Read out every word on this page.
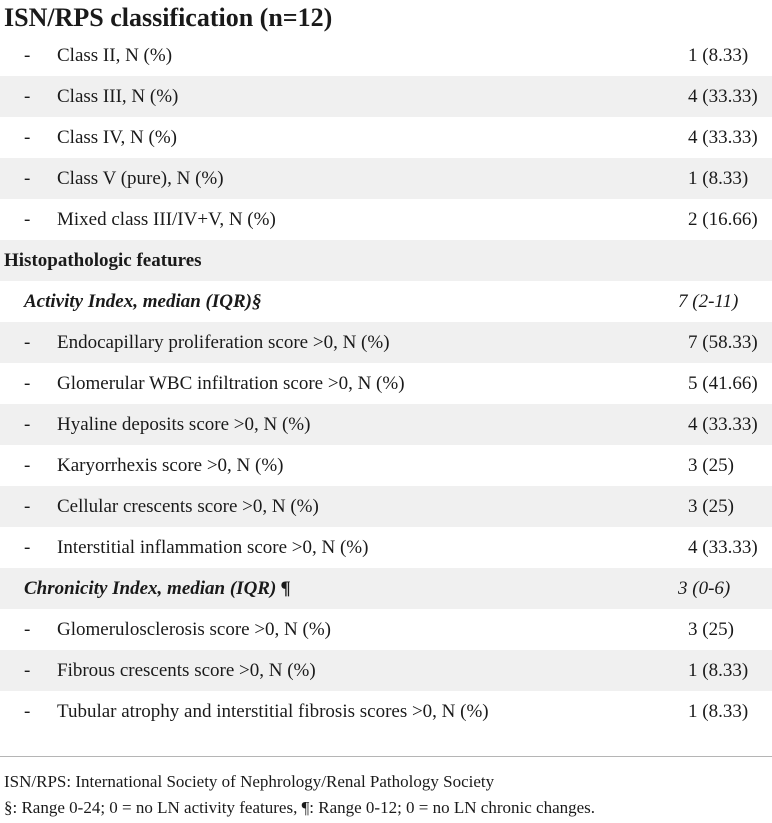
ISN/RPS classification (n=12)
- Class II, N (%)	1 (8.33)
- Class III, N (%)	4 (33.33)
- Class IV, N (%)	4 (33.33)
- Class V (pure), N (%)	1 (8.33)
- Mixed class III/IV+V, N (%)	2 (16.66)
Histopathologic features
Activity Index, median (IQR)§	7 (2-11)
- Endocapillary proliferation score >0, N (%)	7 (58.33)
- Glomerular WBC infiltration score >0, N (%)	5 (41.66)
- Hyaline deposits score >0, N (%)	4 (33.33)
- Karyorrhexis score >0, N (%)	3 (25)
- Cellular crescents score >0, N (%)	3 (25)
- Interstitial inflammation score >0, N (%)	4 (33.33)
Chronicity Index, median (IQR) ¶	3 (0-6)
- Glomerulosclerosis score >0, N (%)	3 (25)
- Fibrous crescents score >0, N (%)	1 (8.33)
- Tubular atrophy and interstitial fibrosis scores >0, N (%)	1 (8.33)
ISN/RPS: International Society of Nephrology/Renal Pathology Society
§: Range 0-24; 0 = no LN activity features, ¶: Range 0-12; 0 = no LN chronic changes.
